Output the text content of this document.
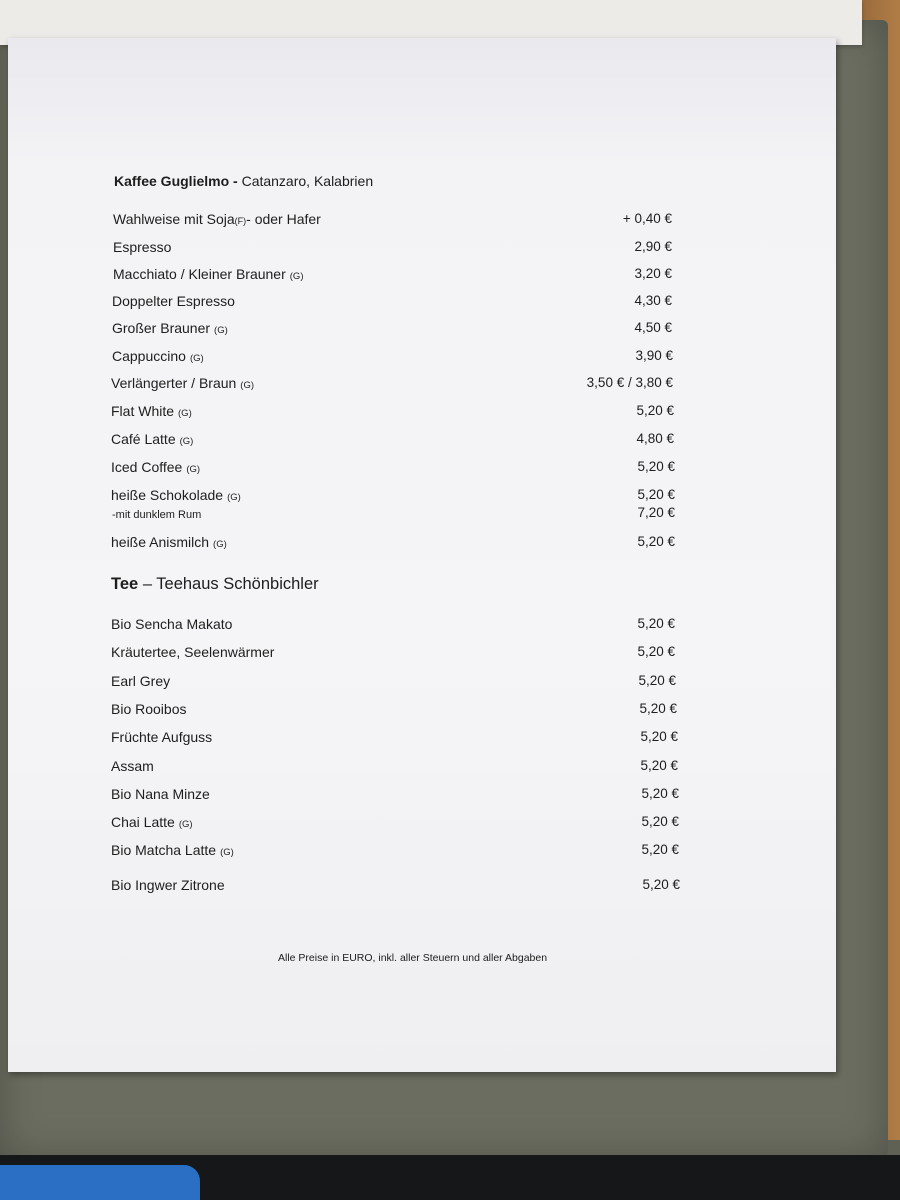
Kaffee Guglielmo - Catanzaro, Kalabrien
Wahlweise mit Soja(F)- oder Hafer	+ 0,40 €
Espresso	2,90 €
Macchiato / Kleiner Brauner (G)	3,20 €
Doppelter Espresso	4,30 €
Großer Brauner (G)	4,50 €
Cappuccino (G)	3,90 €
Verlängerter / Braun (G)	3,50 € / 3,80 €
Flat White (G)	5,20 €
Café Latte (G)	4,80 €
Iced Coffee (G)	5,20 €
heiße Schokolade (G)	5,20 €
-mit dunklem Rum	7,20 €
heiße Anismilch (G)	5,20 €
Tee – Teehaus Schönbichler
Bio Sencha Makato	5,20 €
Kräutertee, Seelenwärmer	5,20 €
Earl Grey	5,20 €
Bio Rooibos	5,20 €
Früchte Aufguss	5,20 €
Assam	5,20 €
Bio Nana Minze	5,20 €
Chai Latte (G)	5,20 €
Bio Matcha Latte (G)	5,20 €
Bio Ingwer Zitrone	5,20 €
Alle Preise in EURO, inkl. aller Steuern und aller Abgaben
